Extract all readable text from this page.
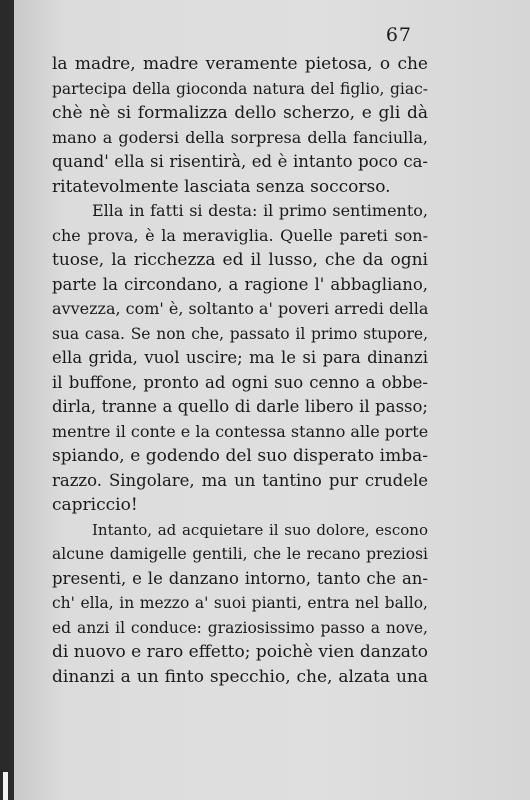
67
la madre, madre veramente pietosa, o che
partecipa della gioconda natura del figlio, giac-
chè nè si formalizza dello scherzo, e gli dà
mano a godersi della sorpresa della fanciulla,
quand' ella si risentirà, ed è intanto poco ca-
ritatevolmente lasciata senza soccorso.
Ella in fatti si desta: il primo sentimento,
che prova, è la meraviglia. Quelle pareti son-
tuose, la ricchezza ed il lusso, che da ogni
parte la circondano, a ragione l' abbagliano,
avvezza, com' è, soltanto a' poveri arredi della
sua casa. Se non che, passato il primo stupore,
ella grida, vuol uscire; ma le si para dinanzi
il buffone, pronto ad ogni suo cenno a obbe-
dirla, tranne a quello di darle libero il passo;
mentre il conte e la contessa stanno alle porte
spiando, e godendo del suo disperato imba-
razzo. Singolare, ma un tantino pur crudele
capriccio!
Intanto, ad acquietare il suo dolore, escono
alcune damigelle gentili, che le recano preziosi
presenti, e le danzano intorno, tanto che an-
ch' ella, in mezzo a' suoi pianti, entra nel ballo,
ed anzi il conduce: graziosissimo passo a nove,
di nuovo e raro effetto; poichè vien danzato
dinanzi a un finto specchio, che, alzata una
